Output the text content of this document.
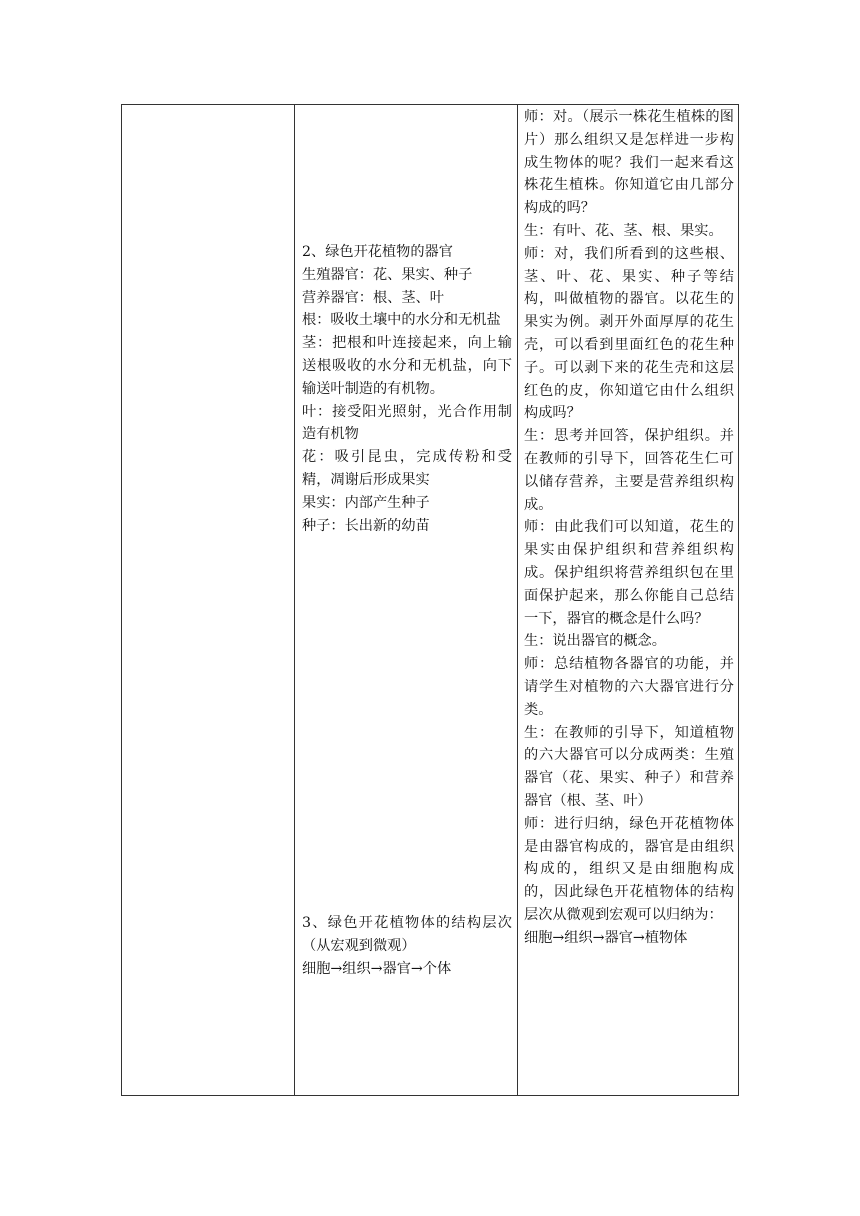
2、绿色开花植物的器官

生殖器官：花、果实、种子

营养器官：根、茎、叶

根：吸收土壤中的水分和无机盐

茎：把根和叶连接起来，向上输送根吸收的水分和无机盐，向下输送叶制造的有机物。

叶：接受阳光照射，光合作用制造有机物

花：吸引昆虫，完成传粉和受精，凋谢后形成果实

果实：内部产生种子

种子：长出新的幼苗

3、绿色开花植物体的结构层次（从宏观到微观）

细胞→组织→器官→个体

师：对。（展示一株花生植株的图片）那么组织又是怎样进一步构成生物体的呢？我们一起来看这株花生植株。你知道它由几部分构成的吗？

生：有叶、花、茎、根、果实。

师：对，我们所看到的这些根、茎、叶、花、果实、种子等结构，叫做植物的器官。以花生的果实为例。剥开外面厚厚的花生壳，可以看到里面红色的花生种子。可以剥下来的花生壳和这层红色的皮，你知道它由什么组织构成吗？

生：思考并回答，保护组织。并在教师的引导下，回答花生仁可以储存营养，主要是营养组织构成。

师：由此我们可以知道，花生的果实由保护组织和营养组织构成。保护组织将营养组织包在里面保护起来，那么你能自己总结一下，器官的概念是什么吗？

生：说出器官的概念。

师：总结植物各器官的功能，并请学生对植物的六大器官进行分类。

生：在教师的引导下，知道植物的六大器官可以分成两类：生殖器官（花、果实、种子）和营养器官（根、茎、叶）

师：进行归纳，绿色开花植物体是由器官构成的，器官是由组织构成的，组织又是由细胞构成的，因此绿色开花植物体的结构层次从微观到宏观可以归纳为：

细胞→组织→器官→植物体
